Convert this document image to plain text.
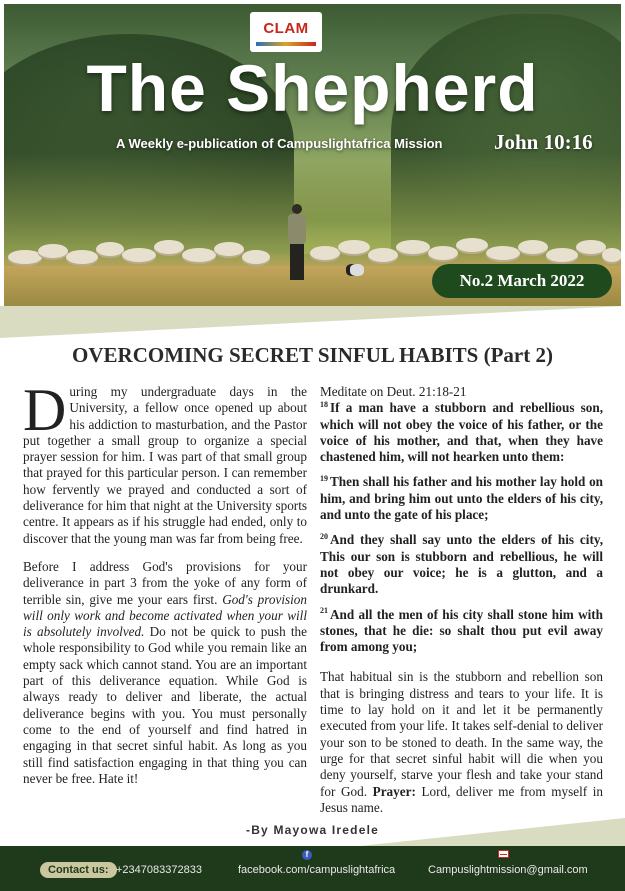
CLAM
The Shepherd
A Weekly e-publication of Campuslightafrica Mission John 10:16
No.2 March 2022
OVERCOMING SECRET SINFUL HABITS (Part 2)

During my undergraduate days in the University, a fellow once opened up about his addiction to masturbation, and the Pastor put together a small group to organize a special prayer session for him. I was part of that small group that prayed for this particular person. I can remember how fervently we prayed and conducted a sort of deliverance for him that night at the University sports centre. It appears as if his struggle had ended, only to discover that the young man was far from being free.

Before I address God's provisions for your deliverance in part 3 from the yoke of any form of terrible sin, give me your ears first. God's provision will only work and become activated when your will is absolutely involved. Do not be quick to push the whole responsibility to God while you remain like an empty sack which cannot stand. You are an important part of this deliverance equation. While God is always ready to deliver and liberate, the actual deliverance begins with you. You must personally come to the end of yourself and find hatred in engaging in that secret sinful habit. As long as you still find satisfaction engaging in that thing you can never be free. Hate it!

Meditate on Deut. 21:18-21

$^{18}$ If a man have a stubborn and rebellious son, which will not obey the voice of his father, or the voice of his mother, and that, when they have chastened him, will not hearken unto them:

$^{19}$ Then shall his father and his mother lay hold on him, and bring him out unto the elders of his city, and unto the gate of his place;

$^{20}$ And they shall say unto the elders of his city, This our son is stubborn and rebellious, he will not obey our voice; he is a glutton, and a drunkard.

$^{21}$ And all the men of his city shall stone him with stones, that he die: so shalt thou put evil away from among you;

That habitual sin is the stubborn and rebellion son that is bringing distress and tears to your life. It is time to lay hold on it and let it be permanently executed from your life. It takes self-denial to deliver your son to be stoned to death. In the same way, the urge for that secret sinful habit will die when you deny yourself, starve your flesh and take your stand for God. Prayer: Lord, deliver me from myself in Jesus name.

-By Mayowa Iredele
Contact us: +2347083372833
f
facebook.com/campuslightafrica	Campuslightmission@gmail.com
